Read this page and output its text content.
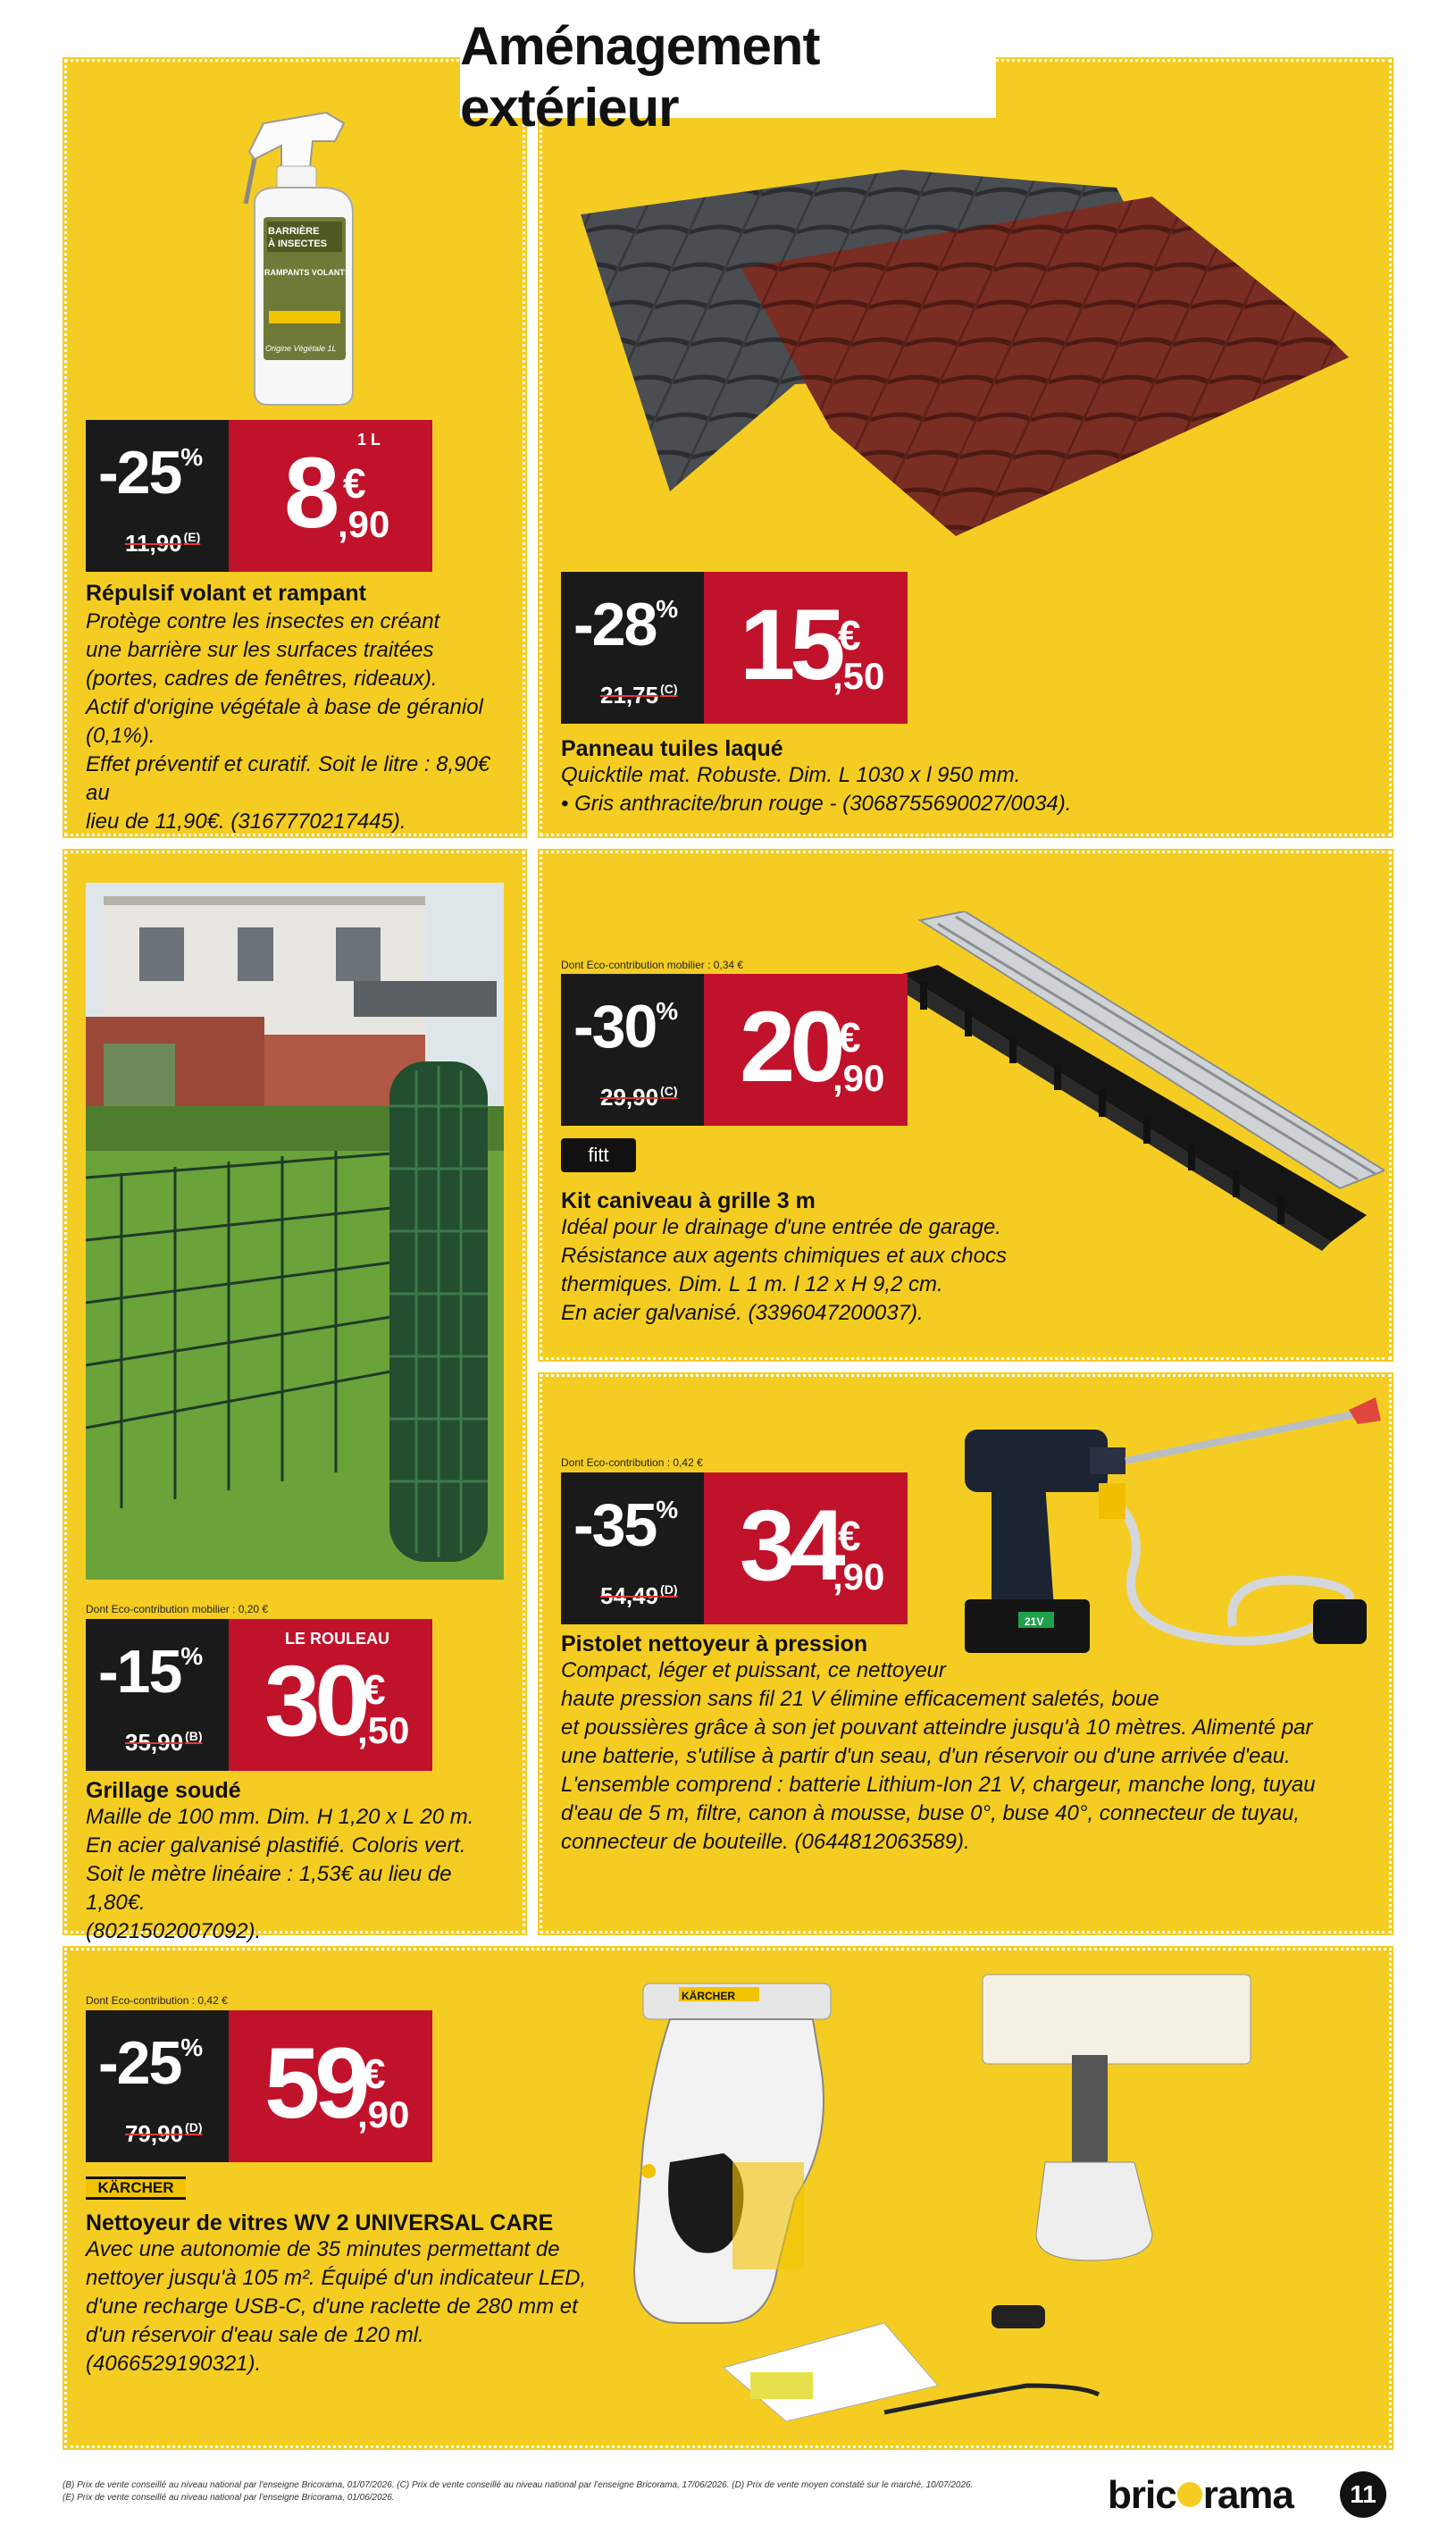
Aménagement extérieur
BARRIÈRE
À INSECTES
RAMPANTS VOLANTS
Origine Végétale 1L
-25%
11,90 $^{(E)}$
1 L
8 €
,90
Répulsif volant et rampant
Protège contre les insectes en créant
une barrière sur les surfaces traitées
(portes, cadres de fenêtres, rideaux).
Actif d'origine végétale à base de géraniol (0,1%).
Effet préventif et curatif. Soit le litre : 8,90€ au
lieu de 11,90€. (3167770217445).
-28%
21,75 $^{(C)}$ 15
€
,50
Panneau tuiles laqué
Quicktile mat. Robuste. Dim. L 1030 x l 950 mm.
• Gris anthracite/brun rouge - (3068755690027/0034).
Dont Eco-contribution mobilier : 0,20 €
-15%
35,90 $^{(B)}$
LE ROULEAU
30
€
,50
Grillage soudé
Maille de 100 mm. Dim. H 1,20 x L 20 m.
En acier galvanisé plastifié. Coloris vert.
Soit le mètre linéaire : 1,53€ au lieu de 1,80€.
(8021502007092).
Dont Eco-contribution mobilier : 0,34 €
-30%
29,90 $^{(C)}$ 20
€
,90
fitt
Kit caniveau à grille 3 m
Idéal pour le drainage d'une entrée de garage.
Résistance aux agents chimiques et aux chocs
thermiques. Dim. L 1 m. l 12 x H 9,2 cm.
En acier galvanisé. (3396047200037).
21V
Dont Eco-contribution : 0,42 €
-35%
54,49 $^{(D)}$ 34
€
,90
Pistolet nettoyeur à pression
Compact, léger et puissant, ce nettoyeur
haute pression sans fil 21 V élimine efficacement saletés, boue
et poussières grâce à son jet pouvant atteindre jusqu'à 10 mètres. Alimenté par
une batterie, s'utilise à partir d'un seau, d'un réservoir ou d'une arrivée d'eau.
L'ensemble comprend : batterie Lithium-Ion 21 V, chargeur, manche long, tuyau
d'eau de 5 m, filtre, canon à mousse, buse 0°, buse 40°, connecteur de tuyau,
connecteur de bouteille. (0644812063589).
KÄRCHER
Dont Eco-contribution : 0,42 €
-25%
79,90 $^{(D)}$ 59
€
,90
KÄRCHER
Nettoyeur de vitres WV 2 UNIVERSAL CARE
Avec une autonomie de 35 minutes permettant de
nettoyer jusqu'à 105 m². Équipé d'un indicateur LED,
d'une recharge USB-C, d'une raclette de 280 mm et
d'un réservoir d'eau sale de 120 ml. (4066529190321).
(B) Prix de vente conseillé au niveau national par l'enseigne Bricorama, 01/07/2026. (C) Prix de vente conseillé au niveau national par l'enseigne Bricorama, 17/06/2026. (D) Prix de vente moyen constaté sur le marché, 10/07/2026.
(E) Prix de vente conseillé au niveau national par l'enseigne Bricorama, 01/06/2026.	bric rama	11
